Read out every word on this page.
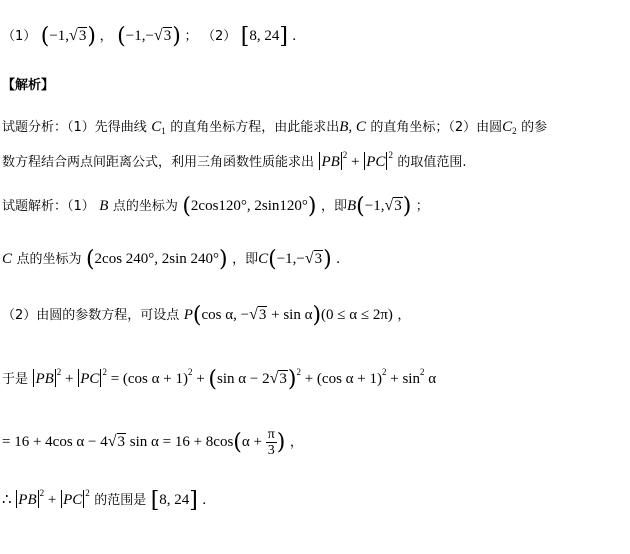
（1） (−1,√3) ， (−1,−√3) ； （2） [8, 24] .
【解析】
试题分析：（1）先得曲线 $C_1$ 的直角坐标方程，由此能求出B, C 的直角坐标；（2）由圆$C_2$ 的参
数方程结合两点间距离公式，利用三角函数性质能求出 PB $^2$ + PC $^2$ 的取值范围.
试题解析：（1） B 点的坐标为 (2cos120°, 2sin120°) ，即B(−1,√3) ；
C 点的坐标为 (2cos 240°, 2sin 240°) ，即C(−1,−√3) .
（2）由圆的参数方程，可设点 P(cos α, −√3 + sin α)(0 ≤ α ≤ 2π) ，
于是 PB $^2$ + PC $^2$ = (cos α + 1)$^2$ + (sin α − 2√3)$^2$ + (cos $\alpha + 1)^2 + \sin^2 \alpha$
= 16 + 4cos α − 4√3 $\sin \alpha = 16 + 8\cos(\alpha + \frac{\pi}{3}$ ) ，
∴ PB $^2$ + PC $^2$ 的范围是 [8, 24] .
